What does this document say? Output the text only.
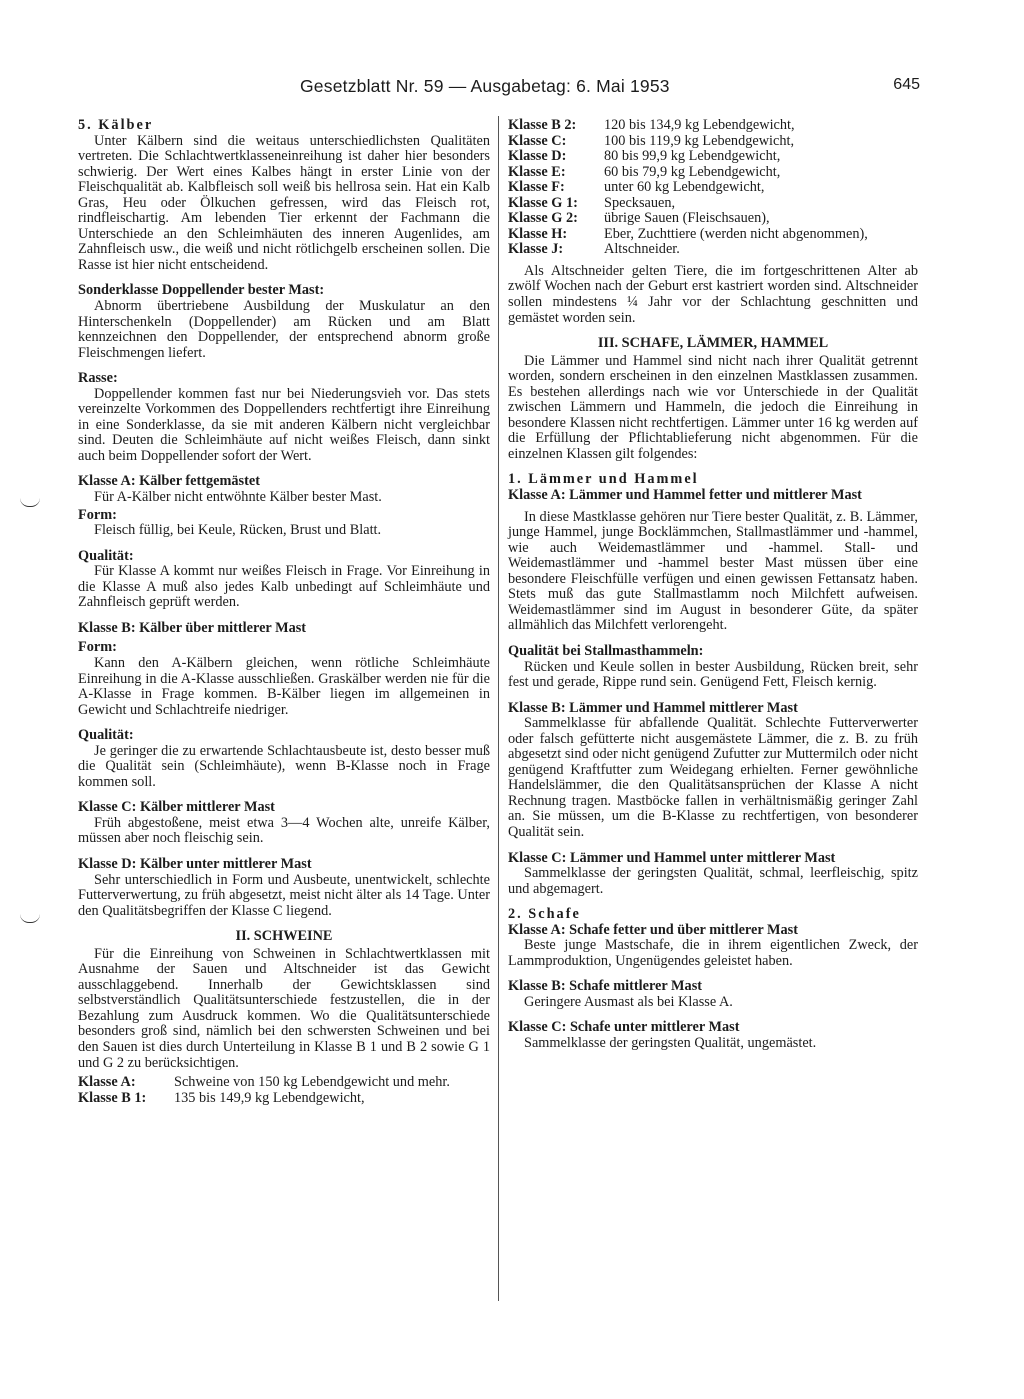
Gesetzblatt Nr. 59 — Ausgabetag: 6. Mai 1953	645
5. Kälber

Unter Kälbern sind die weitaus unterschiedlichsten Qualitäten vertreten. Die Schlachtwertklasseneinreihung ist daher hier besonders schwierig. Der Wert eines Kalbes hängt in erster Linie von der Fleischqualität ab. Kalbfleisch soll weiß bis hellrosa sein. Hat ein Kalb Gras, Heu oder Ölkuchen gefressen, wird das Fleisch rot, rindfleischartig. Am lebenden Tier erkennt der Fachmann die Unterschiede an den Schleimhäuten des inneren Augenlides, am Zahnfleisch usw., die weiß und nicht rötlichgelb erscheinen sollen. Die Rasse ist hier nicht entscheidend.

Sonderklasse Doppellender bester Mast:

Abnorm übertriebene Ausbildung der Muskulatur an den Hinterschenkeln (Doppellender) am Rücken und am Blatt kennzeichnen den Doppellender, der entsprechend abnorm große Fleischmengen liefert.

Rasse:

Doppellender kommen fast nur bei Niederungsvieh vor. Das stets vereinzelte Vorkommen des Doppellenders rechtfertigt ihre Einreihung in eine Sonderklasse, da sie mit anderen Kälbern nicht vergleichbar sind. Deuten die Schleimhäute auf nicht weißes Fleisch, dann sinkt auch beim Doppellender sofort der Wert.

Klasse A: Kälber fettgemästet

Für A-Kälber nicht entwöhnte Kälber bester Mast.

Form:

Fleisch füllig, bei Keule, Rücken, Brust und Blatt.

Qualität:

Für Klasse A kommt nur weißes Fleisch in Frage. Vor Einreihung in die Klasse A muß also jedes Kalb unbedingt auf Schleimhäute und Zahnfleisch geprüft werden.

Klasse B: Kälber über mittlerer Mast
Form:

Kann den A-Kälbern gleichen, wenn rötliche Schleimhäute Einreihung in die A-Klasse ausschließen. Graskälber werden nie für die A-Klasse in Frage kommen. B-Kälber liegen im allgemeinen in Gewicht und Schlachtreife niedriger.

Qualität:

Je geringer die zu erwartende Schlachtausbeute ist, desto besser muß die Qualität sein (Schleimhäute), wenn B-Klasse noch in Frage kommen soll.

Klasse C: Kälber mittlerer Mast

Früh abgestoßene, meist etwa 3—4 Wochen alte, unreife Kälber, müssen aber noch fleischig sein.

Klasse D: Kälber unter mittlerer Mast

Sehr unterschiedlich in Form und Ausbeute, unentwickelt, schlechte Futterverwertung, zu früh abgesetzt, meist nicht älter als 14 Tage. Unter den Qualitätsbegriffen der Klasse C liegend.

II. SCHWEINE

Für die Einreihung von Schweinen in Schlachtwertklassen mit Ausnahme der Sauen und Altschneider ist das Gewicht ausschlaggebend. Innerhalb der Gewichtsklassen sind selbstverständlich Qualitätsunterschiede festzustellen, die in der Bezahlung zum Ausdruck kommen. Wo die Qualitätsunterschiede besonders groß sind, nämlich bei den schwersten Schweinen und bei den Sauen ist dies durch Unterteilung in Klasse B 1 und B 2 sowie G 1 und G 2 zu berücksichtigen.

Klasse A:	Schweine von 150 kg Lebendgewicht und mehr.
Klasse B 1:	135 bis 149,9 kg Lebendgewicht,
Klasse B 2:	120 bis 134,9 kg Lebendgewicht,
Klasse C:	100 bis 119,9 kg Lebendgewicht,
Klasse D:	80 bis 99,9 kg Lebendgewicht,
Klasse E:	60 bis 79,9 kg Lebendgewicht,
Klasse F:	unter 60 kg Lebendgewicht,
Klasse G 1:	Specksauen,
Klasse G 2:	übrige Sauen (Fleischsauen),
Klasse H:	Eber, Zuchttiere (werden nicht abgenommen),
Klasse J:	Altschneider.

Als Altschneider gelten Tiere, die im fortgeschrittenen Alter ab zwölf Wochen nach der Geburt erst kastriert worden sind. Altschneider sollen mindestens ¼ Jahr vor der Schlachtung geschnitten und gemästet worden sein.

III. SCHAFE, LÄMMER, HAMMEL

Die Lämmer und Hammel sind nicht nach ihrer Qualität getrennt worden, sondern erscheinen in den einzelnen Mastklassen zusammen. Es bestehen allerdings nach wie vor Unterschiede in der Qualität zwischen Lämmern und Hammeln, die jedoch die Einreihung in besondere Klassen nicht rechtfertigen. Lämmer unter 16 kg werden auf die Erfüllung der Pflichtablieferung nicht abgenommen. Für die einzelnen Klassen gilt folgendes:

1. Lämmer und Hammel
Klasse A: Lämmer und Hammel fetter und mittlerer Mast

In diese Mastklasse gehören nur Tiere bester Qualität, z. B. Lämmer, junge Hammel, junge Bocklämmchen, Stallmastlämmer und -hammel, wie auch Weidemastlämmer und -hammel. Stall- und Weidemastlämmer und -hammel bester Mast müssen über eine besondere Fleischfülle verfügen und einen gewissen Fettansatz haben. Stets muß das gute Stallmastlamm noch Milchfett aufweisen. Weidemastlämmer sind im August in besonderer Güte, da später allmählich das Milchfett verlorengeht.

Qualität bei Stallmasthammeln:

Rücken und Keule sollen in bester Ausbildung, Rücken breit, sehr fest und gerade, Rippe rund sein. Genügend Fett, Fleisch kernig.

Klasse B: Lämmer und Hammel mittlerer Mast

Sammelklasse für abfallende Qualität. Schlechte Futterverwerter oder falsch gefütterte nicht ausgemästete Lämmer, die z. B. zu früh abgesetzt sind oder nicht genügend Zufutter zur Muttermilch oder nicht genügend Kraftfutter zum Weidegang erhielten. Ferner gewöhnliche Handelslämmer, die den Qualitätsansprüchen der Klasse A nicht Rechnung tragen. Mastböcke fallen in verhältnismäßig geringer Zahl an. Sie müssen, um die B-Klasse zu rechtfertigen, von besonderer Qualität sein.

Klasse C: Lämmer und Hammel unter mittlerer Mast

Sammelklasse der geringsten Qualität, schmal, leerfleischig, spitz und abgemagert.

2. Schafe
Klasse A: Schafe fetter und über mittlerer Mast

Beste junge Mastschafe, die in ihrem eigentlichen Zweck, der Lammproduktion, Ungenügendes geleistet haben.

Klasse B: Schafe mittlerer Mast

Geringere Ausmast als bei Klasse A.

Klasse C: Schafe unter mittlerer Mast

Sammelklasse der geringsten Qualität, ungemästet.
